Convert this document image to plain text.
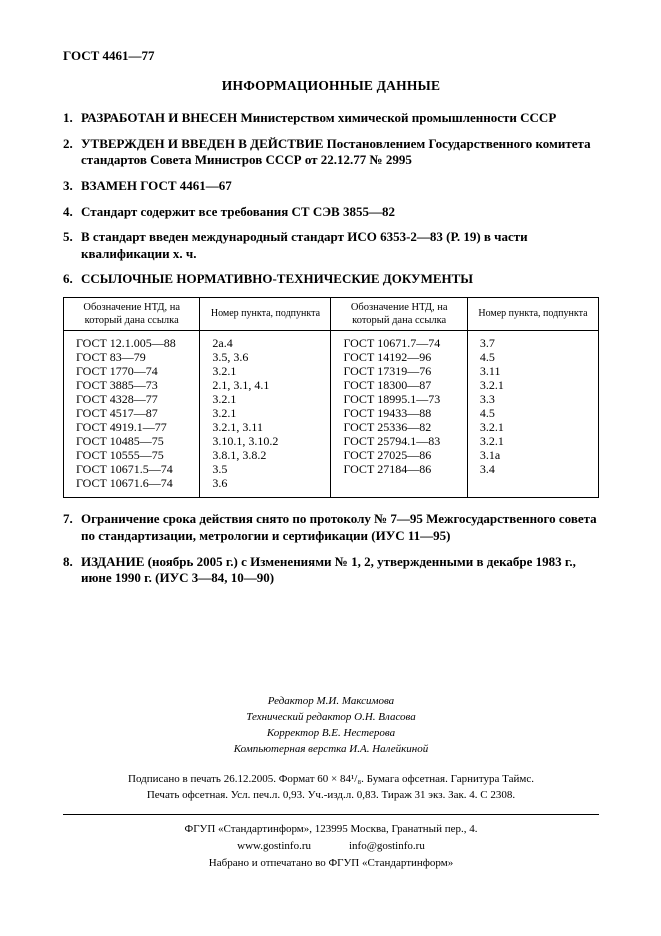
ГОСТ 4461—77
ИНФОРМАЦИОННЫЕ ДАННЫЕ
1. РАЗРАБОТАН И ВНЕСЕН Министерством химической промышленности СССР
2. УТВЕРЖДЕН И ВВЕДЕН В ДЕЙСТВИЕ Постановлением Государственного комитета стандартов Совета Министров СССР от 22.12.77 № 2995
3. ВЗАМЕН ГОСТ 4461—67
4. Стандарт содержит все требования СТ СЭВ 3855—82
5. В стандарт введен международный стандарт ИСО 6353-2—83 (Р. 19) в части квалификации х. ч.
6. ССЫЛОЧНЫЕ НОРМАТИВНО-ТЕХНИЧЕСКИЕ ДОКУМЕНТЫ
Обозначение НТД, на который дана ссылка	Номер пункта, подпункта	Обозначение НТД, на который дана ссылка	Номер пункта, подпункта
ГОСТ 12.1.005—88	2а.4	ГОСТ 10671.7—74	3.7
ГОСТ 83—79	3.5, 3.6	ГОСТ 14192—96	4.5
ГОСТ 1770—74	3.2.1	ГОСТ 17319—76	3.11
ГОСТ 3885—73	2.1, 3.1, 4.1	ГОСТ 18300—87	3.2.1
ГОСТ 4328—77	3.2.1	ГОСТ 18995.1—73	3.3
ГОСТ 4517—87	3.2.1	ГОСТ 19433—88	4.5
ГОСТ 4919.1—77	3.2.1, 3.11	ГОСТ 25336—82	3.2.1
ГОСТ 10485—75	3.10.1, 3.10.2	ГОСТ 25794.1—83	3.2.1
ГОСТ 10555—75	3.8.1, 3.8.2	ГОСТ 27025—86	3.1а
ГОСТ 10671.5—74	3.5	ГОСТ 27184—86	3.4
ГОСТ 10671.6—74	3.6		
7. Ограничение срока действия снято по протоколу № 7—95 Межгосударственного совета по стандартизации, метрологии и сертификации (ИУС 11—95)
8. ИЗДАНИЕ (ноябрь 2005 г.) с Изменениями № 1, 2, утвержденными в декабре 1983 г., июне 1990 г. (ИУС 3—84, 10—90)
Редактор М.И. Максимова
Технический редактор О.Н. Власова
Корректор В.Е. Нестерова
Компьютерная верстка И.А. Налейкиной
Подписано в печать 26.12.2005. Формат 60 × 84¹/₈. Бумага офсетная. Гарнитура Таймс.
Печать офсетная. Усл. печ.л. 0,93. Уч.-изд.л. 0,83. Тираж 31 экз. Зак. 4. С 2308.
ФГУП «Стандартинформ», 123995 Москва, Гранатный пер., 4.
www.gostinfo.ru	info@gostinfo.ru
Набрано и отпечатано во ФГУП «Стандартинформ»
